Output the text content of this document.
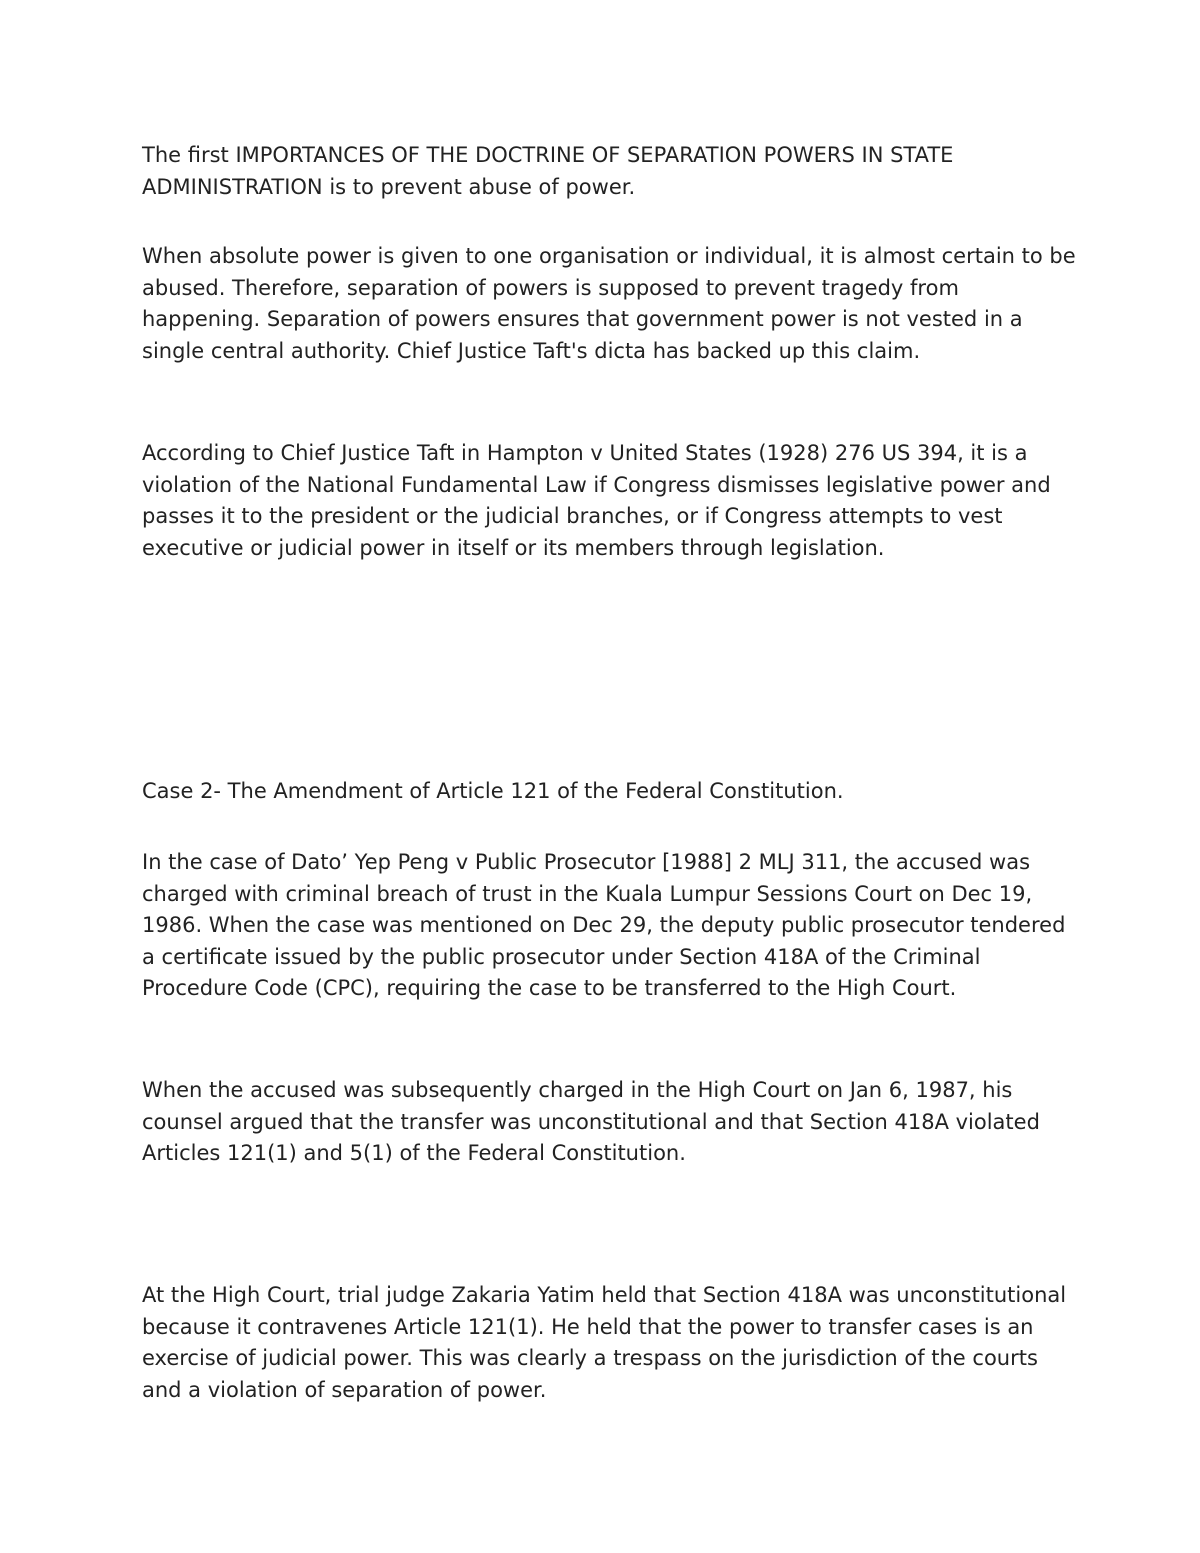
The first IMPORTANCES OF THE DOCTRINE OF SEPARATION POWERS IN STATE ADMINISTRATION is to prevent abuse of power.

When absolute power is given to one organisation or individual, it is almost certain to be abused. Therefore, separation of powers is supposed to prevent tragedy from happening. Separation of powers ensures that government power is not vested in a single central authority. Chief Justice Taft's dicta has backed up this claim.

According to Chief Justice Taft in Hampton v United States (1928) 276 US 394, it is a violation of the National Fundamental Law if Congress dismisses legislative power and passes it to the president or the judicial branches, or if Congress attempts to vest executive or judicial power in itself or its members through legislation.

Case 2- The Amendment of Article 121 of the Federal Constitution.

In the case of Dato’ Yep Peng v Public Prosecutor [1988] 2 MLJ 311, the accused was charged with criminal breach of trust in the Kuala Lumpur Sessions Court on Dec 19, 1986. When the case was mentioned on Dec 29, the deputy public prosecutor tendered a certificate issued by the public prosecutor under Section 418A of the Criminal Procedure Code (CPC), requiring the case to be transferred to the High Court.

When the accused was subsequently charged in the High Court on Jan 6, 1987, his counsel argued that the transfer was unconstitutional and that Section 418A violated Articles 121(1) and 5(1) of the Federal Constitution.

At the High Court, trial judge Zakaria Yatim held that Section 418A was unconstitutional because it contravenes Article 121(1). He held that the power to transfer cases is an exercise of judicial power. This was clearly a trespass on the jurisdiction of the courts and a violation of separation of power.
